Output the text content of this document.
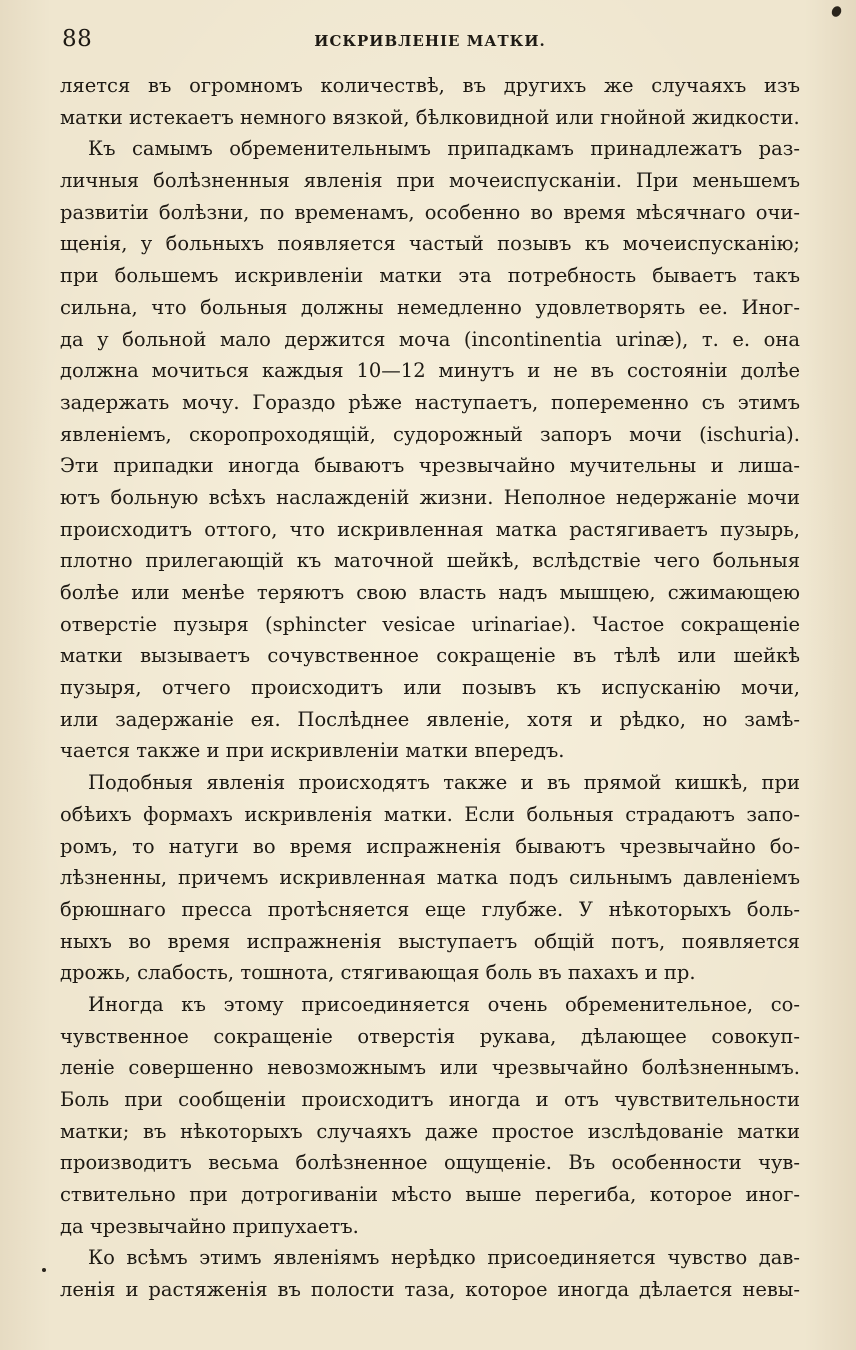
88	ИСКРИВЛЕНІЕ МАТКИ.
ляется въ огромномъ количествѣ, въ другихъ же случаяхъ изъ
матки истекаетъ немного вязкой, бѣлковидной или гнойной жидкости.
Къ самымъ обременительнымъ припадкамъ принадлежатъ раз-
личныя болѣзненныя явленія при мочеиспусканіи. При меньшемъ
развитіи болѣзни, по временамъ, особенно во время мѣсячнаго очи-
щенія, у больныхъ появляется частый позывъ къ мочеиспусканію;
при большемъ искривленіи матки эта потребность бываетъ такъ
сильна, что больныя должны немедленно удовлетворять ее. Иног-
да у больной мало держится моча (incontinentia urinæ), т. е. она
должна мочиться каждыя 10—12 минутъ и не въ состояніи долѣе
задержать мочу. Гораздо рѣже наступаетъ, попеременно съ этимъ
явленіемъ, скоропроходящій, судорожный запоръ мочи (ischuria).
Эти припадки иногда бываютъ чрезвычайно мучительны и лиша-
ютъ больную всѣхъ наслажденій жизни. Неполное недержаніе мочи
происходитъ оттого, что искривленная матка растягиваетъ пузырь,
плотно прилегающій къ маточной шейкѣ, вслѣдствіе чего больныя
болѣе или менѣе теряютъ свою власть надъ мышцею, сжимающею
отверстіе пузыря (sphincter vesicae urinariae). Частое сокращеніе
матки вызываетъ сочувственное сокращеніе въ тѣлѣ или шейкѣ
пузыря, отчего происходитъ или позывъ къ испусканію мочи,
или задержаніе ея. Послѣднее явленіе, хотя и рѣдко, но замѣ-
чается также и при искривленіи матки впередъ.
Подобныя явленія происходятъ также и въ прямой кишкѣ, при
обѣихъ формахъ искривленія матки. Если больныя страдаютъ запо-
ромъ, то натуги во время испражненія бываютъ чрезвычайно бо-
лѣзненны, причемъ искривленная матка подъ сильнымъ давленіемъ
брюшнаго пресса протѣсняется еще глубже. У нѣкоторыхъ боль-
ныхъ во время испражненія выступаетъ общій потъ, появляется
дрожь, слабость, тошнота, стягивающая боль въ пахахъ и пр.
Иногда къ этому присоединяется очень обременительное, со-
чувственное сокращеніе отверстія рукава, дѣлающее совокуп-
леніе совершенно невозможнымъ или чрезвычайно болѣзненнымъ.
Боль при сообщеніи происходитъ иногда и отъ чувствительности
матки; въ нѣкоторыхъ случаяхъ даже простое изслѣдованіе матки
производитъ весьма болѣзненное ощущеніе. Въ особенности чув-
ствительно при дотрогиваніи мѣсто выше перегиба, которое иног-
да чрезвычайно припухаетъ.
Ко всѣмъ этимъ явленіямъ нерѣдко присоединяется чувство дав-
ленія и растяженія въ полости таза, которое иногда дѣлается невы-
